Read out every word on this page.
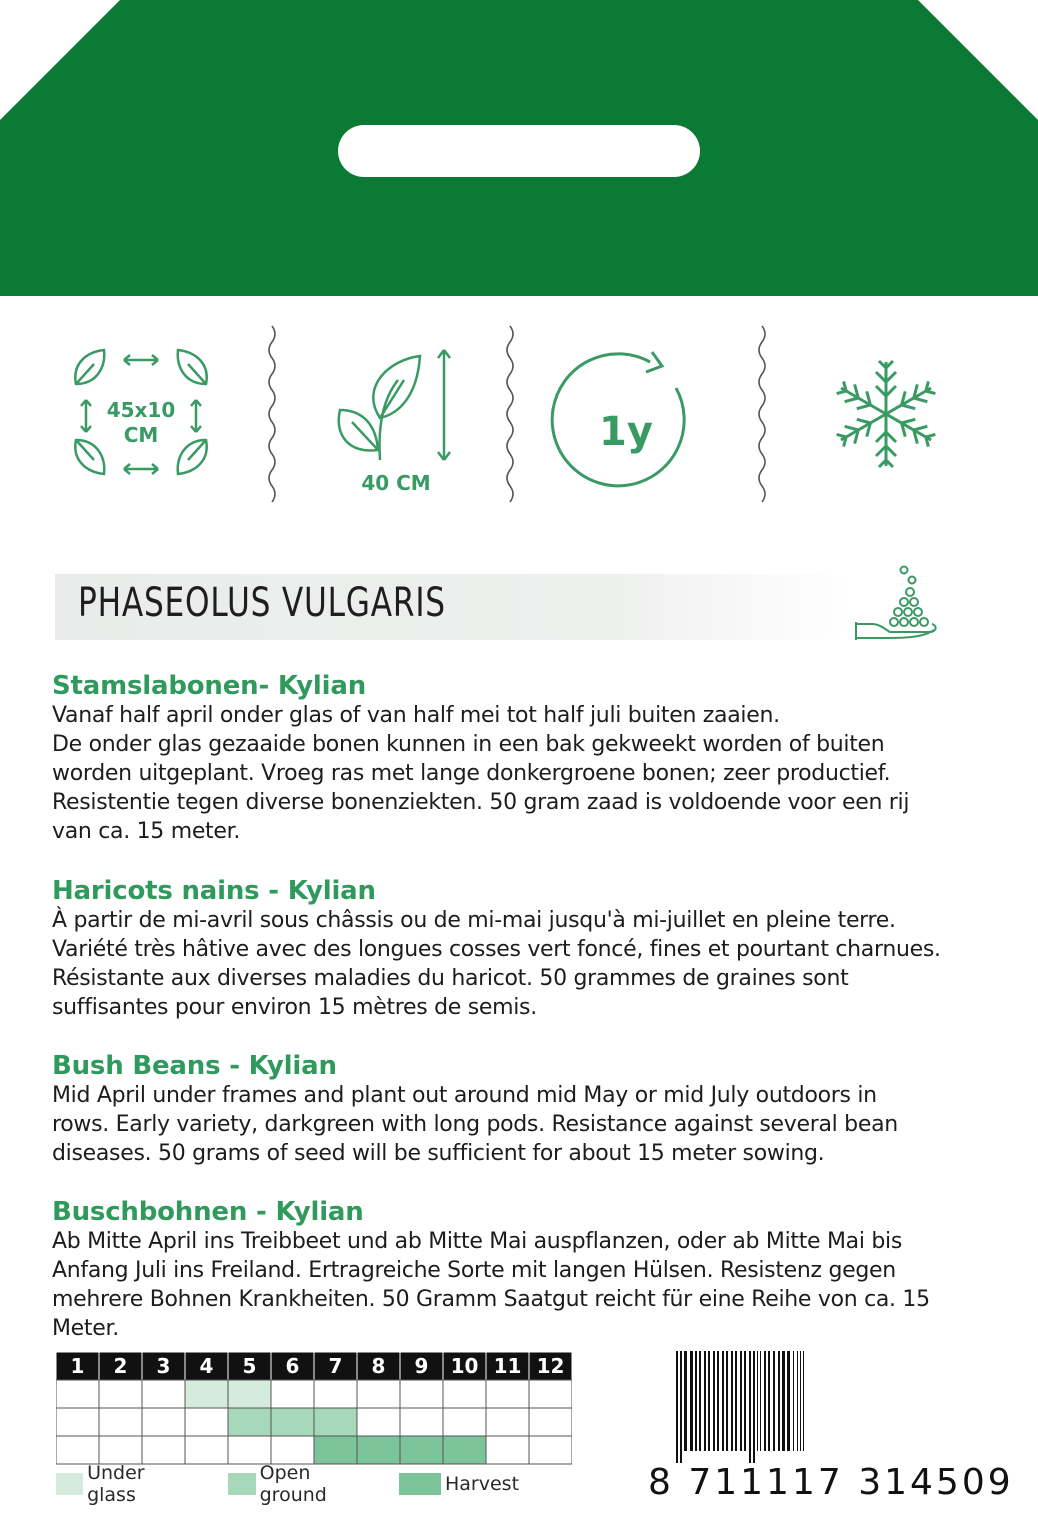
45x10
CM
40 CM
1y
PHASEOLUS VULGARIS
Stamslabonen- Kylian

Vanaf half april onder glas of van half mei tot half juli buiten zaaien.

De onder glas gezaaide bonen kunnen in een bak gekweekt worden of buiten

worden uitgeplant. Vroeg ras met lange donkergroene bonen; zeer productief.

Resistentie tegen diverse bonenziekten. 50 gram zaad is voldoende voor een rij

van ca. 15 meter.

Haricots nains - Kylian

À partir de mi-avril sous châssis ou de mi-mai jusqu'à mi-juillet en pleine terre.

Variété très hâtive avec des longues cosses vert foncé, fines et pourtant charnues.

Résistante aux diverses maladies du haricot. 50 grammes de graines sont

suffisantes pour environ 15 mètres de semis.

Bush Beans - Kylian

Mid April under frames and plant out around mid May or mid July outdoors in

rows. Early variety, darkgreen with long pods. Resistance against several bean

diseases. 50 grams of seed will be sufficient for about 15 meter sowing.

Buschbohnen - Kylian

Ab Mitte April ins Treibbeet und ab Mitte Mai auspflanzen, oder ab Mitte Mai bis

Anfang Juli ins Freiland. Ertragreiche Sorte mit langen Hülsen. Resistenz gegen

mehrere Bohnen Krankheiten. 50 Gramm Saatgut reicht für eine Reihe von ca. 15

Meter.

1 2 3 4 5 6 7 8 9 10 11 12
Under glass
Open ground	Harvest	8 711117 314509
